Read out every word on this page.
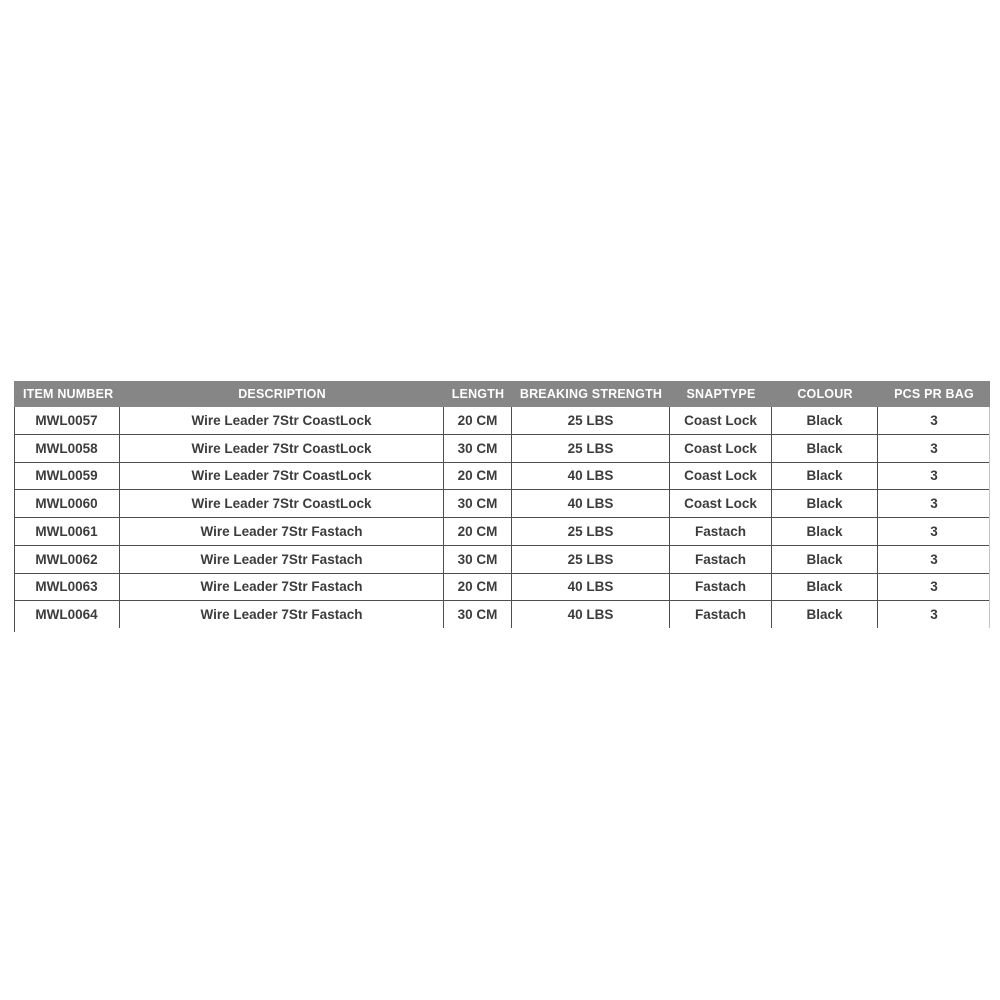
ITEM NUMBER	DESCRIPTION	LENGTH	BREAKING STRENGTH	SNAPTYPE	COLOUR	PCS PR BAG
MWL0057	Wire Leader 7Str CoastLock	20 CM	25 LBS	Coast Lock	Black	3
MWL0058	Wire Leader 7Str CoastLock	30 CM	25 LBS	Coast Lock	Black	3
MWL0059	Wire Leader 7Str CoastLock	20 CM	40 LBS	Coast Lock	Black	3
MWL0060	Wire Leader 7Str CoastLock	30 CM	40 LBS	Coast Lock	Black	3
MWL0061	Wire Leader 7Str Fastach	20 CM	25 LBS	Fastach	Black	3
MWL0062	Wire Leader 7Str Fastach	30 CM	25 LBS	Fastach	Black	3
MWL0063	Wire Leader 7Str Fastach	20 CM	40 LBS	Fastach	Black	3
MWL0064	Wire Leader 7Str Fastach	30 CM	40 LBS	Fastach	Black	3
